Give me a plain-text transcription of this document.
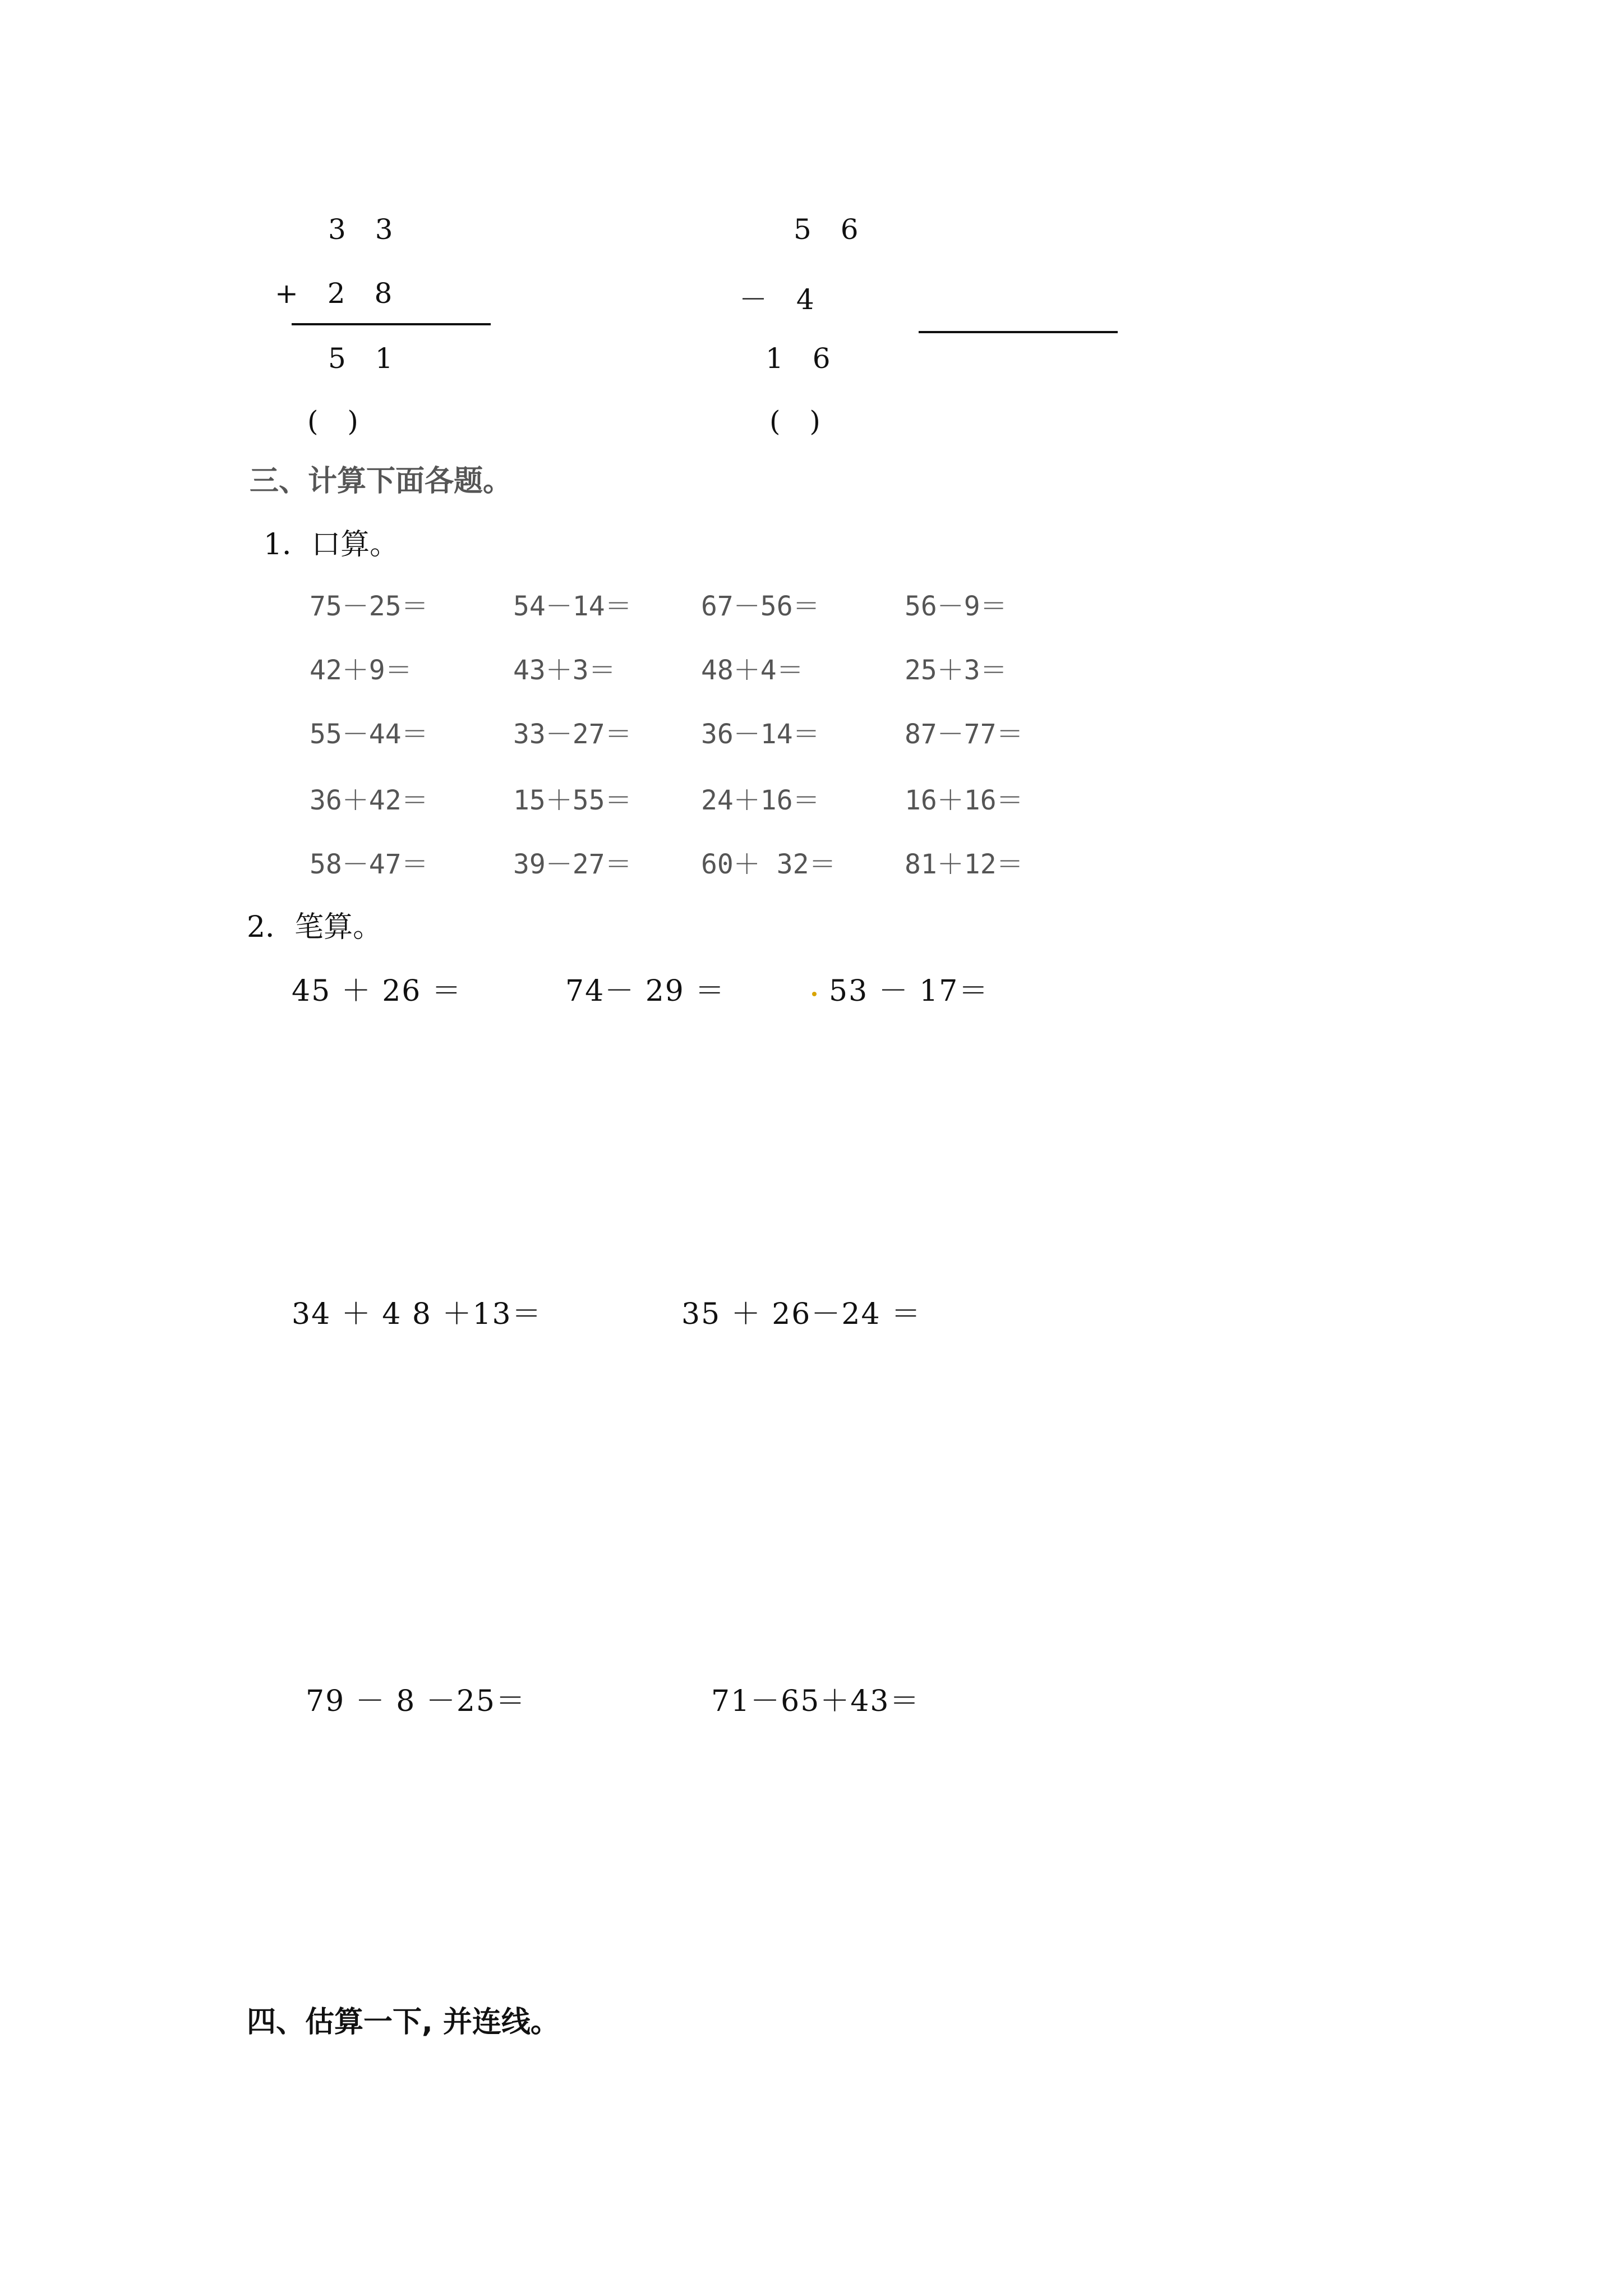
3 3
+ 2 8
5 1
( )
5 6
－ 4
1 6
( )
三、计算下面各题。
1．口算。
75－25＝	54－14＝	67－56＝	56－9＝
42＋9＝	43＋3＝	48＋4＝	25＋3＝
55－44＝	33－27＝	36－14＝	87－77＝
36＋42＝	15＋55＝	24＋16＝	16＋16＝
58－47＝	39－27＝	60＋ 32＝	81＋12＝
2．笔算。
45 ＋ 26 ＝	74－ 29 ＝	53 － 17＝
34 ＋ 4 8 ＋13＝	35 ＋ 26－24 ＝
79 － 8 －25＝	71－65＋43＝
四、估算一下, 并连线。
